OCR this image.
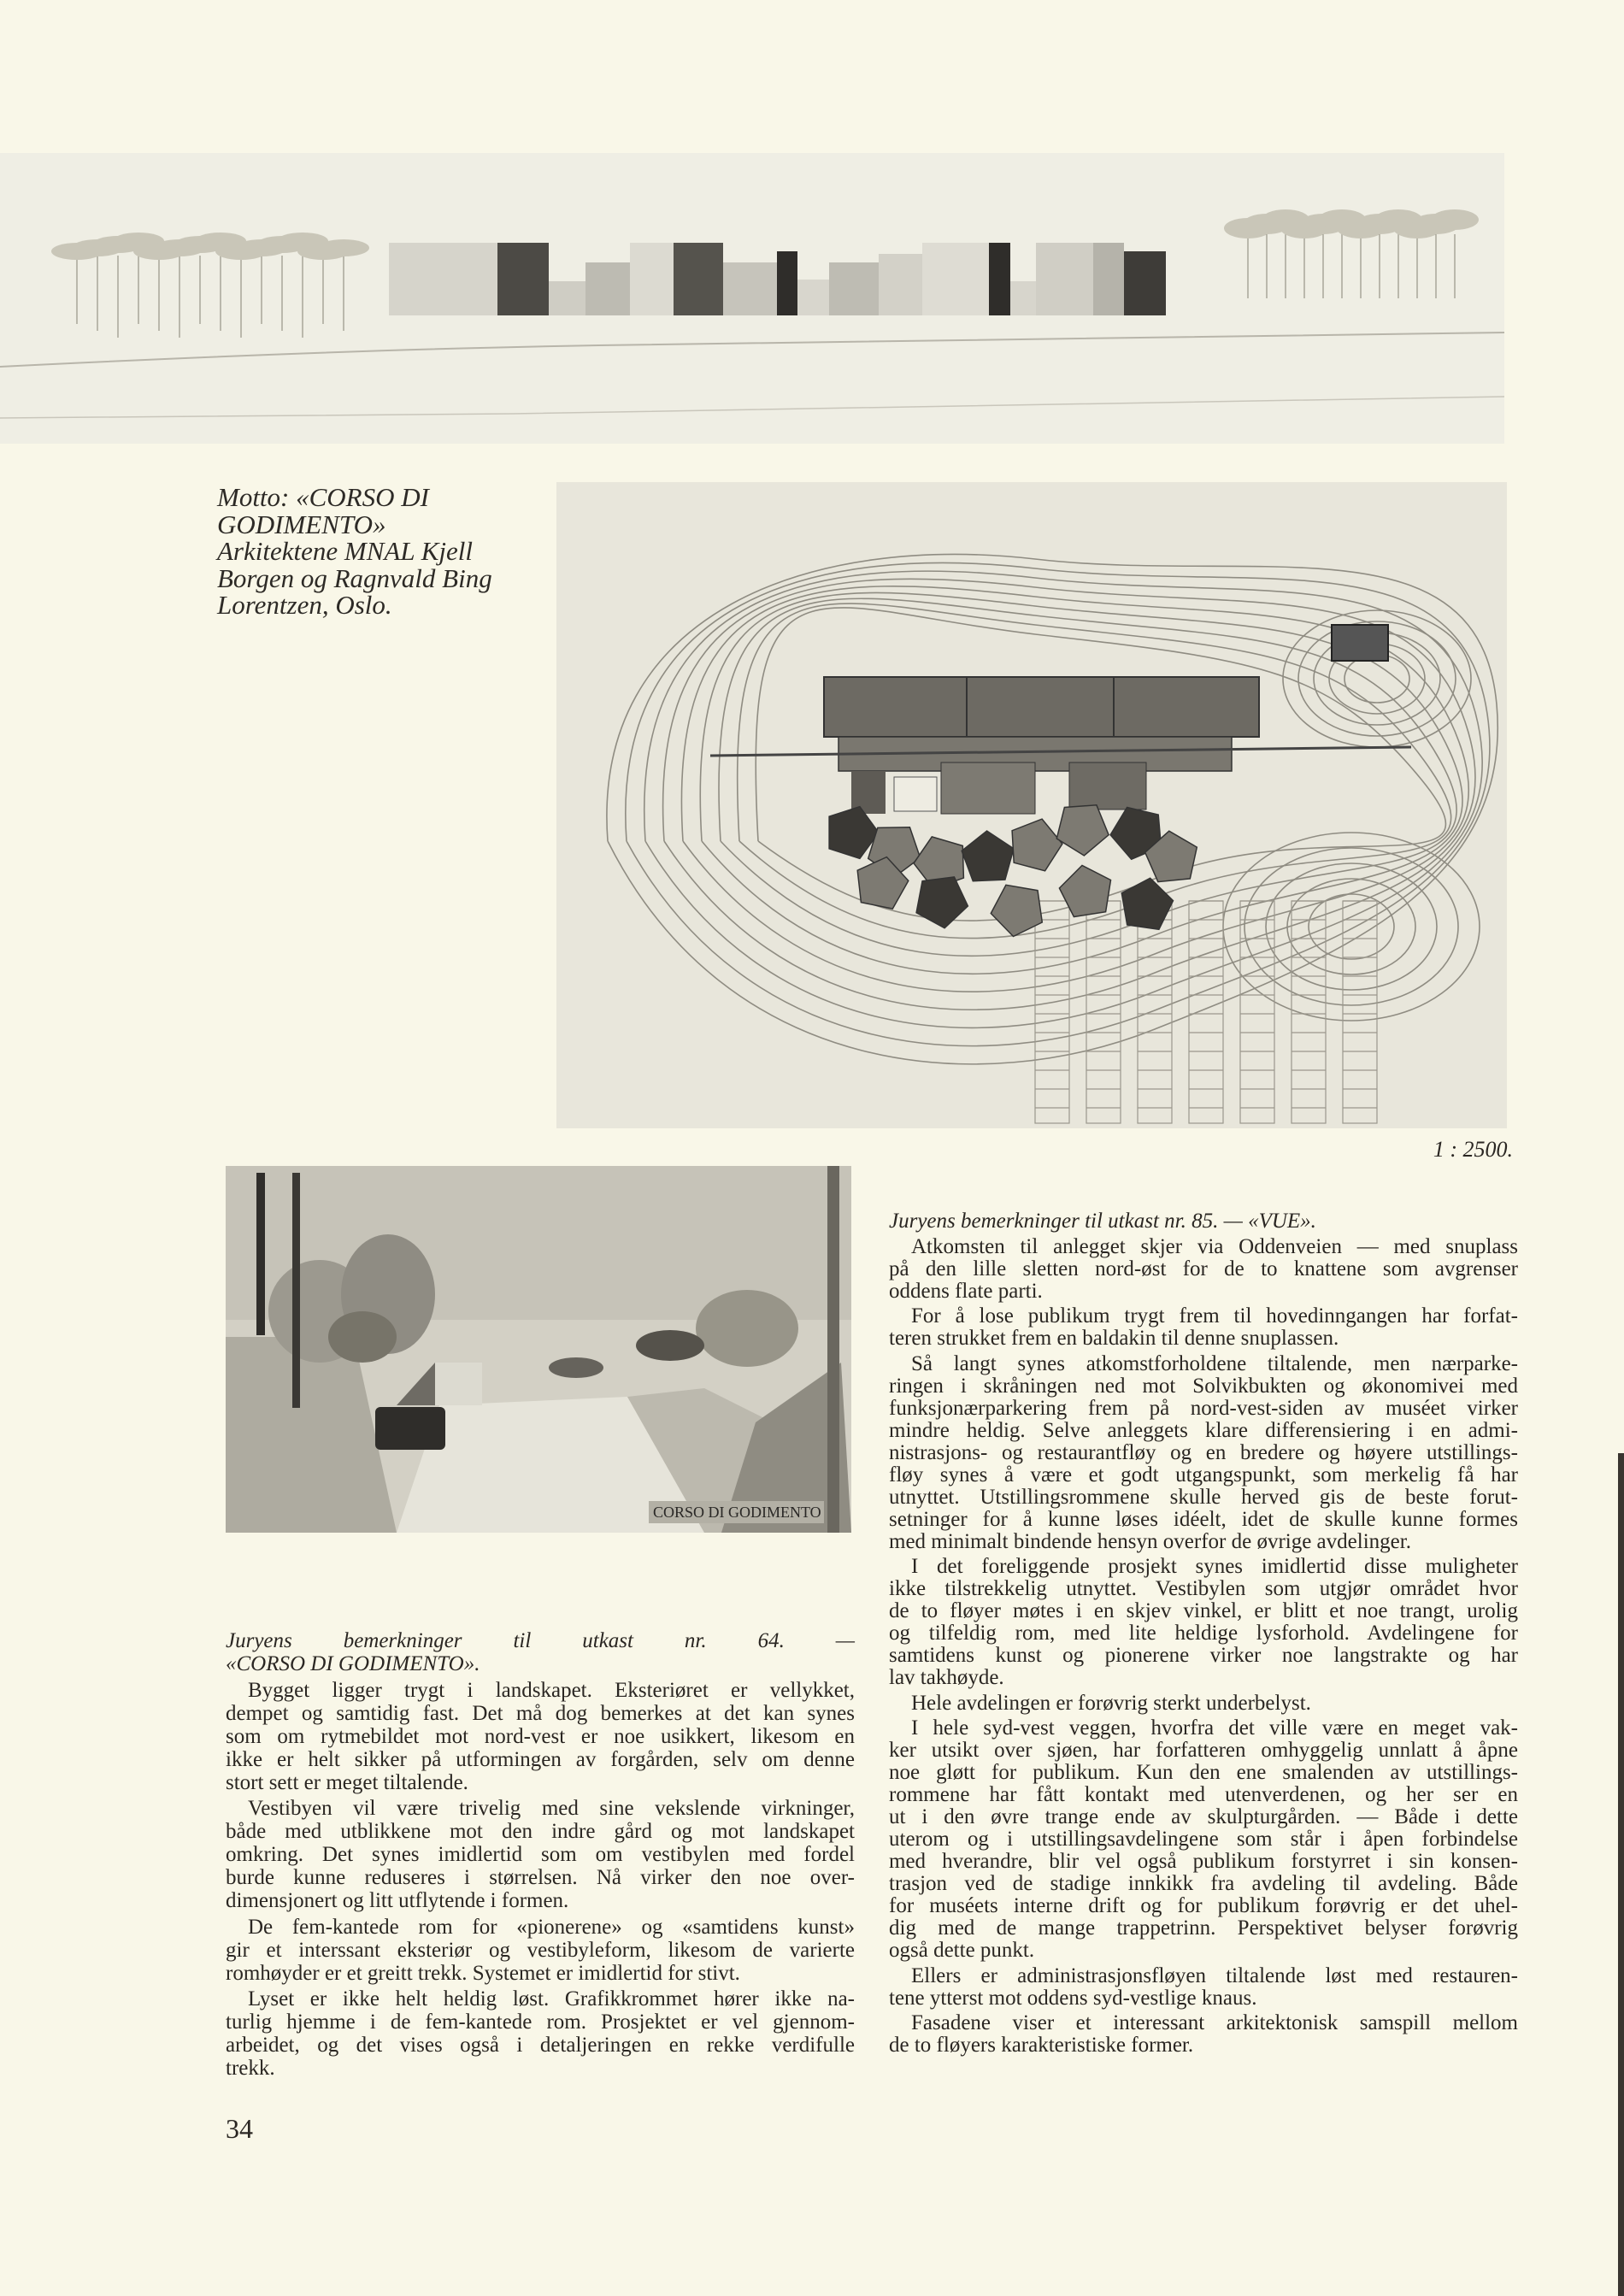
Motto: «CORSO DI
GODIMENTO»
Arkitektene MNAL Kjell
Borgen og Ragnvald Bing
Lorentzen, Oslo.
1 : 2500.
CORSO DI GODIMENTO
Juryens bemerkninger til utkast nr. 64. —
«CORSO DI GODIMENTO».
Bygget ligger trygt i landskapet. Eksteriøret er vellykket,
dempet og samtidig fast. Det må dog bemerkes at det kan synes
som om rytmebildet mot nord-vest er noe usikkert, likesom en
ikke er helt sikker på utformingen av forgården, selv om denne
stort sett er meget tiltalende.
Vestibyen vil være trivelig med sine vekslende virkninger,
både med utblikkene mot den indre gård og mot landskapet
omkring. Det synes imidlertid som om vestibylen med fordel
burde kunne reduseres i størrelsen. Nå virker den noe over-
dimensjonert og litt utflytende i formen.
De fem-kantede rom for «pionerene» og «samtidens kunst»
gir et interssant eksteriør og vestibyleform, likesom de varierte
romhøyder er et greitt trekk. Systemet er imidlertid for stivt.
Lyset er ikke helt heldig løst. Grafikkrommet hører ikke na-
turlig hjemme i de fem-kantede rom. Prosjektet er vel gjennom-
arbeidet, og det vises også i detaljeringen en rekke verdifulle
trekk.
Juryens bemerkninger til utkast nr. 85. — «VUE».
Atkomsten til anlegget skjer via Oddenveien — med snuplass
på den lille sletten nord-øst for de to knattene som avgrenser
oddens flate parti.
For å lose publikum trygt frem til hovedinngangen har forfat-
teren strukket frem en baldakin til denne snuplassen.
Så langt synes atkomstforholdene tiltalende, men nærparke-
ringen i skråningen ned mot Solvikbukten og økonomivei med
funksjonærparkering frem på nord-vest-siden av muséet virker
mindre heldig. Selve anleggets klare differensiering i en admi-
nistrasjons- og restaurantfløy og en bredere og høyere utstillings-
fløy synes å være et godt utgangspunkt, som merkelig få har
utnyttet. Utstillingsrommene skulle herved gis de beste forut-
setninger for å kunne løses idéelt, idet de skulle kunne formes
med minimalt bindende hensyn overfor de øvrige avdelinger.
I det foreliggende prosjekt synes imidlertid disse muligheter
ikke tilstrekkelig utnyttet. Vestibylen som utgjør området hvor
de to fløyer møtes i en skjev vinkel, er blitt et noe trangt, urolig
og tilfeldig rom, med lite heldige lysforhold. Avdelingene for
samtidens kunst og pionerene virker noe langstrakte og har
lav takhøyde.
Hele avdelingen er forøvrig sterkt underbelyst.
I hele syd-vest veggen, hvorfra det ville være en meget vak-
ker utsikt over sjøen, har forfatteren omhyggelig unnlatt å åpne
noe gløtt for publikum. Kun den ene smalenden av utstillings-
rommene har fått kontakt med utenverdenen, og her ser en
ut i den øvre trange ende av skulpturgården. — Både i dette
uterom og i utstillingsavdelingene som står i åpen forbindelse
med hverandre, blir vel også publikum forstyrret i sin konsen-
trasjon ved de stadige innkikk fra avdeling til avdeling. Både
for muséets interne drift og for publikum forøvrig er det uhel-
dig med de mange trappetrinn. Perspektivet belyser forøvrig
også dette punkt.
Ellers er administrasjonsfløyen tiltalende løst med restauren-
tene ytterst mot oddens syd-vestlige knaus.
Fasadene viser et interessant arkitektonisk samspill mellom
de to fløyers karakteristiske former.
34
